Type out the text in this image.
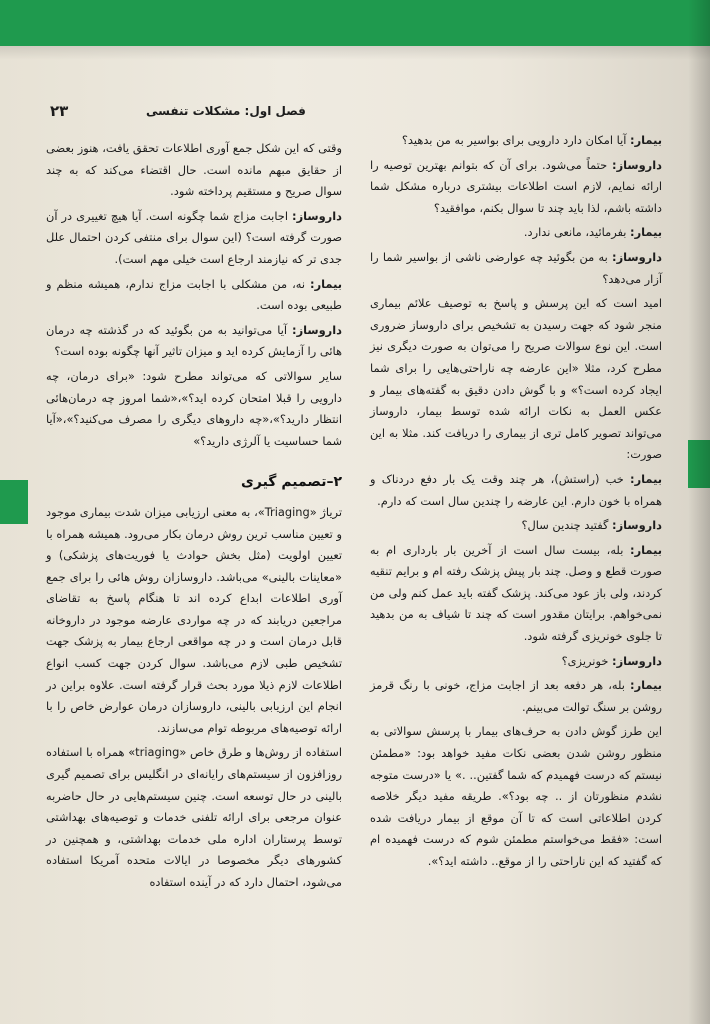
فصل اول: مشکلات تنفسی
۲۳

بیمار: آیا امکان دارد دارویی برای بواسیر به من بدهید؟

داروساز: حتماً می‌شود. برای آن که بتوانم بهترین توصیه را ارائه نمایم، لازم است اطلاعات بیشتری درباره مشکل شما داشته باشم، لذا باید چند تا سوال بکنم، موافقید؟

بیمار: بفرمائید، مانعی ندارد.

داروساز: به من بگوئید چه عوارضی ناشی از بواسیر شما را آزار می‌دهد؟

امید است که این پرسش و پاسخ به توصیف علائم بیماری منجر شود که جهت رسیدن به تشخیص برای داروساز ضروری است. این نوع سوالات صریح را می‌توان به صورت دیگری نیز مطرح کرد، مثلا «این عارضه چه ناراحتی‌هایی را برای شما ایجاد کرده است؟» و با گوش دادن دقیق به گفته‌های بیمار و عکس العمل به نکات ارائه شده توسط بیمار، داروساز می‌تواند تصویر کامل تری از بیماری را دریافت کند. مثلا به این صورت:

بیمار: خب (راستش)، هر چند وقت یک بار دفع دردناک و همراه با خون دارم. این عارضه را چندین سال است که دارم.

داروساز: گفتید چندین سال؟

بیمار: بله، بیست سال است از آخرین بار بارداری ام به صورت قطع و وصل. چند بار پیش پزشک رفته ام و برایم تنقیه کردند، ولی باز عود می‌کند. پزشک گفته باید عمل کنم ولی من نمی‌خواهم. برایتان مقدور است که چند تا شیاف به من بدهید تا جلوی خونریزی گرفته شود.

داروساز: خونریزی؟

بیمار: بله، هر دفعه بعد از اجابت مزاج، خونی با رنگ قرمز روشن بر سنگ توالت می‌بینم.

این طرز گوش دادن به حرف‌های بیمار با پرسش سوالاتی به منظور روشن شدن بعضی نکات مفید خواهد بود: «مطمئن نیستم که درست فهمیدم که شما گفتین.. .» یا «درست متوجه نشدم منظورتان از .. چه بود؟». طریقه مفید دیگر خلاصه کردن اطلاعاتی است که تا آن موقع از بیمار دریافت شده است: «فقط می‌خواستم مطمئن شوم که درست فهمیده ام که گفتید که این ناراحتی را از موقع.. داشته اید؟».

وقتی که این شکل جمع آوری اطلاعات تحقق یافت، هنوز بعضی از حقایق مبهم مانده است. حال اقتضاء می‌کند که به چند سوال صریح و مستقیم پرداخته شود.

داروساز: اجابت مزاج شما چگونه است. آیا هیچ تغییری در آن صورت گرفته است؟ (این سوال برای منتفی کردن احتمال علل جدی تر که نیازمند ارجاع است خیلی مهم است).

بیمار: نه، من مشکلی با اجابت مزاج ندارم، همیشه منظم و طبیعی بوده است.

داروساز: آیا می‌توانید به من بگوئید که در گذشته چه درمان هائی را آزمایش کرده اید و میزان تاثیر آنها چگونه بوده است؟

سایر سوالاتی که می‌تواند مطرح شود: «برای درمان، چه دارویی را قبلا امتحان کرده اید؟»،«شما امروز چه درمان‌هائی انتظار دارید؟»،«چه داروهای دیگری را مصرف می‌کنید؟»،«آیا شما حساسیت یا آلرژی دارید؟»

۲–تصمیم گیری

تریاژ «Triaging»، به معنی ارزیابی میزان شدت بیماری موجود و تعیین مناسب ترین روش درمان بکار می‌رود. همیشه همراه با تعیین اولویت (مثل بخش حوادث یا فوریت‌های پزشکی) و «معاینات بالینی» می‌باشد. داروسازان روش هائی را برای جمع آوری اطلاعات ابداع کرده اند تا هنگام پاسخ به تقاضای مراجعین دریابند که در چه مواردی عارضه موجود در داروخانه قابل درمان است و در چه مواقعی ارجاع بیمار به پزشک جهت تشخیص طبی لازم می‌باشد. سوال کردن جهت کسب انواع اطلاعات لازم ذیلا مورد بحث قرار گرفته است. علاوه براین در انجام این ارزیابی بالینی، داروسازان درمان عوارض خاص را با ارائه توصیه‌های مربوطه توام می‌سازند.

استفاده از روش‌ها و طرق خاص «triaging» همراه با استفاده روزافزون از سیستم‌های رایانه‌ای در انگلیس برای تصمیم گیری بالینی در حال توسعه است. چنین سیستم‌هایی در حال حاضربه عنوان مرجعی برای ارائه تلفنی خدمات و توصیه‌های بهداشتی توسط پرستاران اداره ملی خدمات بهداشتی، و همچنین در کشورهای دیگر مخصوصا در ایالات متحده آمریکا استفاده می‌شود، احتمال دارد که در آینده استفاده
